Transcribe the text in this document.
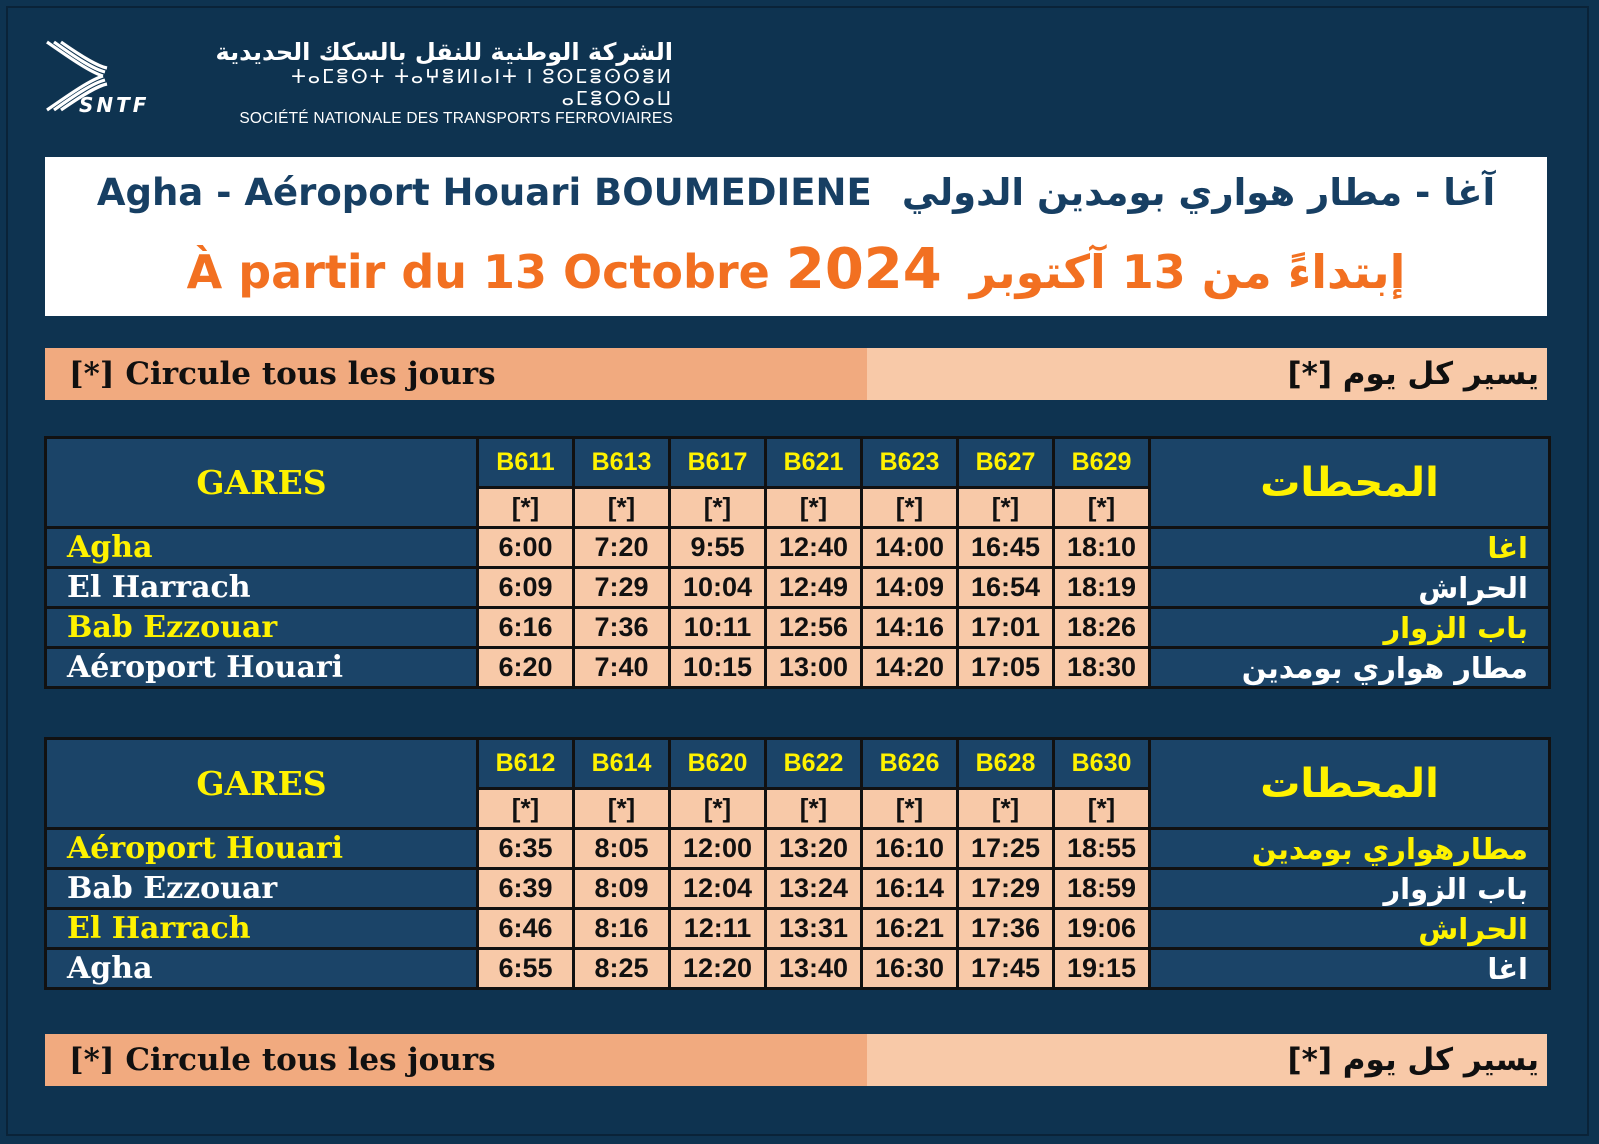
SNTF
الشركة الوطنية للنقل بالسكك الحديدية
ⵜⴰⵎⴻⵙⵜ ⵜⴰⵖⴻⵍⵏⴰⵏⵜ ⵏ ⵓⵙⵎⴻⵙⵙⴻⵍ ⴰⵎⴻⵔⵙⴰⵡ
SOCIÉTÉ NATIONALE DES TRANSPORTS FERROVIAIRES
Agha - Aéroport Houari BOUMEDIENE آغا - مطار هواري بومدين الدولي
À partir du 13 Octobre 2024 إبتداءً من 13 آكتوبر
[*] Circule tous les jours	يسير كل يوم [*]
GARES	B611	B613	B617	B621	B623	B627	B629	المحطات
	[*]	[*]	[*]	[*]	[*]	[*]	[*]	
Agha	6:00	7:20	9:55	12:40	14:00	16:45	18:10	اغا
El Harrach	6:09	7:29	10:04	12:49	14:09	16:54	18:19	الحراش
Bab Ezzouar	6:16	7:36	10:11	12:56	14:16	17:01	18:26	باب الزوار
Aéroport Houari	6:20	7:40	10:15	13:00	14:20	17:05	18:30	مطار هواري بومدين
GARES	B612	B614	B620	B622	B626	B628	B630	المحطات
	[*]	[*]	[*]	[*]	[*]	[*]	[*]	
Aéroport Houari	6:35	8:05	12:00	13:20	16:10	17:25	18:55	مطارهواري بومدين
Bab Ezzouar	6:39	8:09	12:04	13:24	16:14	17:29	18:59	باب الزوار
El Harrach	6:46	8:16	12:11	13:31	16:21	17:36	19:06	الحراش
Agha	6:55	8:25	12:20	13:40	16:30	17:45	19:15	اغا
[*] Circule tous les jours	يسير كل يوم [*]
